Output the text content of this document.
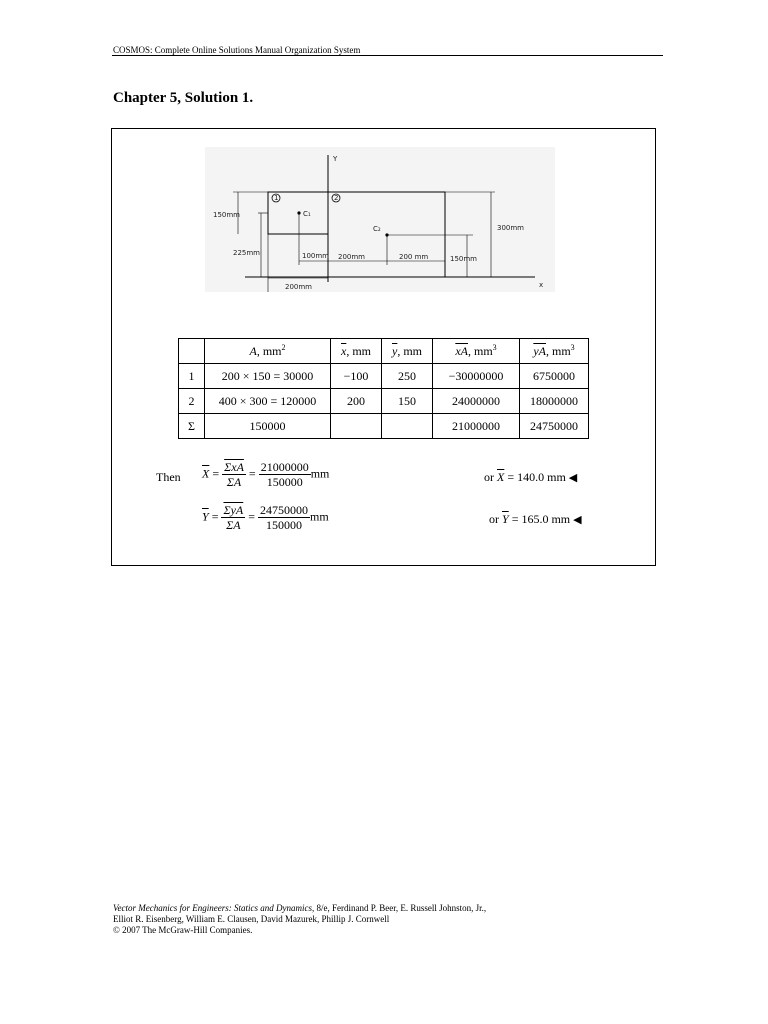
COSMOS: Complete Online Solutions Manual Organization System
Chapter 5, Solution 1.
Y
1
C₁
2
C₂
150mm
225mm	100mm 200mm	200 mm
200mm
300mm
150mm
x
	A, $mm^2$	$\overline{x}$, mm	$\overline{y}$, mm	$\overline{xA}$, $mm^3$	$\overline{yA}$, $mm^3$
1	200 × 150 = 30000	−100	250	−30000000	6750000
2	400 × 300 = 120000	200	150	24000000	18000000
Σ	150000			21000000	24750000
Then $\overline{X} = \frac{\overline{\Sigma xA}}{\Sigma A} = \frac{21000000}{150000}$ mm	or $\overline{X} = 140.0$ mm ◀
$\overline{Y} = \frac{\overline{\Sigma yA}}{\Sigma A} = \frac{24750000}{150000}$ mm	or $\overline{Y} = 165.0$ mm ◀
Vector Mechanics for Engineers: Statics and Dynamics, 8/e, Ferdinand P. Beer, E. Russell Johnston, Jr.,
Elliot R. Eisenberg, William E. Clausen, David Mazurek, Phillip J. Cornwell
© 2007 The McGraw-Hill Companies.
